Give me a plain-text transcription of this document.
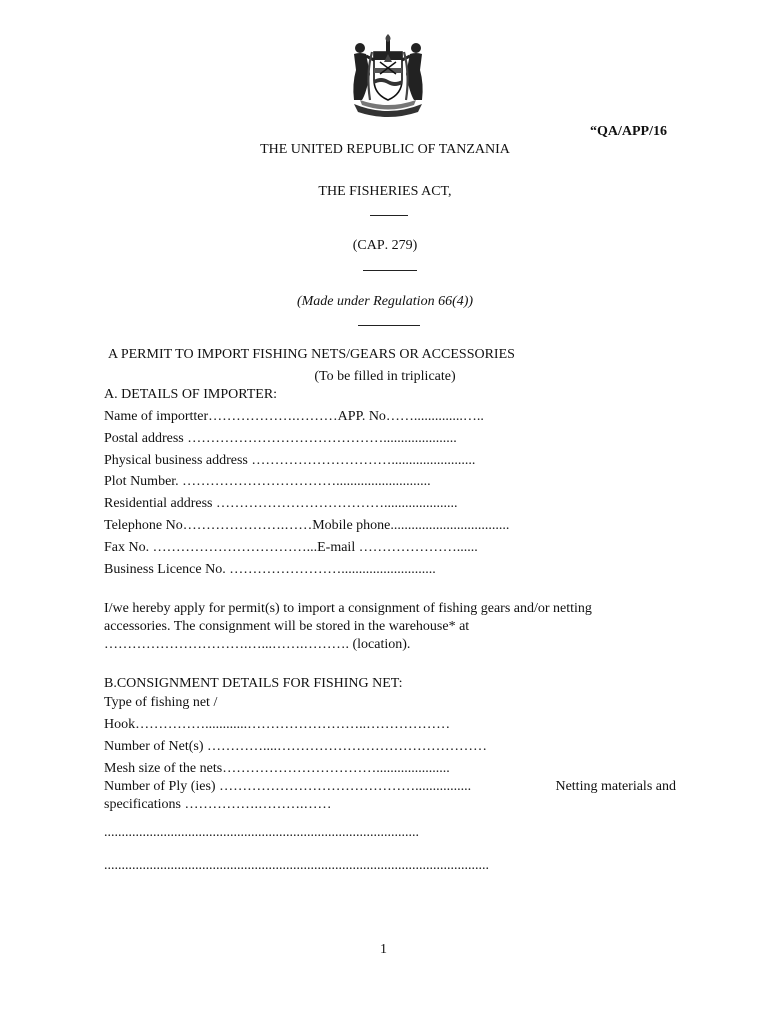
“QA/APP/16
THE UNITED REPUBLIC OF TANZANIA
THE FISHERIES ACT,
(CAP. 279)
(Made under Regulation 66(4))
A PERMIT TO IMPORT FISHING NETS/GEARS OR ACCESSORIES
(To be filled in triplicate)
A. DETAILS OF IMPORTER:
Name of importter……………….………APP. No……..............…..
Postal address …………………………………….....................
Physical business address …………………………........................
Plot Number. ……………………………...........................
Residential address ……………………………….....................
Telephone No………………….……Mobile phone..................................
Fax No. ……………………………...E-mail …………………......
Business Licence No. ……………………...........................
I/we hereby apply for permit(s) to import a consignment of fishing gears and/or netting
accessories. The consignment will be stored in the warehouse* at
………………………….…...…….………. (location).
B.CONSIGNMENT DETAILS FOR FISHING NET:
Type of fishing net /
Hook……………............……………………..………………
Number of Net(s) …………....………………………………………
Mesh size of the nets…………………………….....................
Number of Ply (ies) ……………………………………................	Netting materials and
specifications …………….……….……
..........................................................................................
..............................................................................................................
1
